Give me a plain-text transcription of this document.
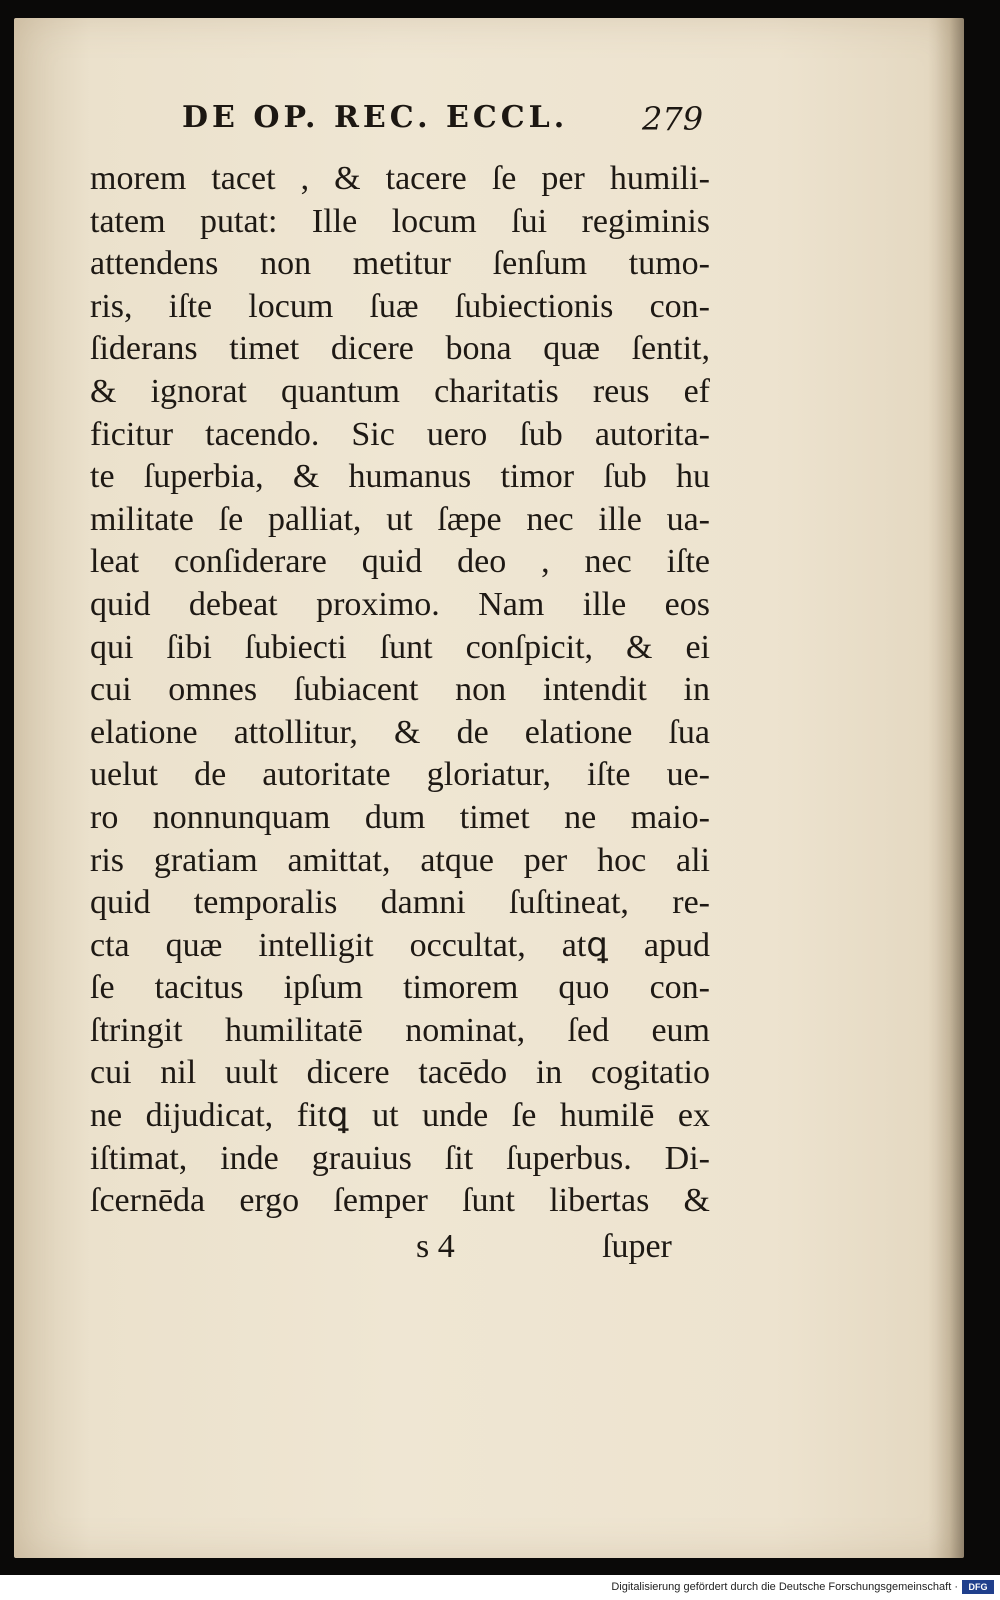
DE OP. REC. ECCL. 279
morem tacet , & tacere ſe per humili-
tatem putat: Ille locum ſui regiminis
attendens non metitur ſenſum tumo-
ris, iſte locum ſuæ ſubiectionis con-
ſiderans timet dicere bona quæ ſentit,
& ignorat quantum charitatis reus ef
ficitur tacendo. Sic uero ſub autorita-
te ſuperbia, & humanus timor ſub hu
militate ſe palliat, ut ſæpe nec ille ua-
leat conſiderare quid deo , nec iſte
quid debeat proximo. Nam ille eos
qui ſibi ſubiecti ſunt conſpicit, & ei
cui omnes ſubiacent non intendit in
elatione attollitur, & de elatione ſua
uelut de autoritate gloriatur, iſte ue-
ro nonnunquam dum timet ne maio-
ris gratiam amittat, atque per hoc ali
quid temporalis damni ſuſtineat, re-
cta quæ intelligit occultat, atꝗ apud
ſe tacitus ipſum timorem quo con-
ſtringit humilitatē nominat, ſed eum
cui nil uult dicere tacēdo in cogitatio
ne dijudicat, fitꝗ ut unde ſe humilē ex
iſtimat, inde grauius ſit ſuperbus. Di-
ſcernēda ergo ſemper ſunt libertas &
s 4	ſuper
Digitalisierung gefördert durch die Deutsche Forschungsgemeinschaft ·	DFG
